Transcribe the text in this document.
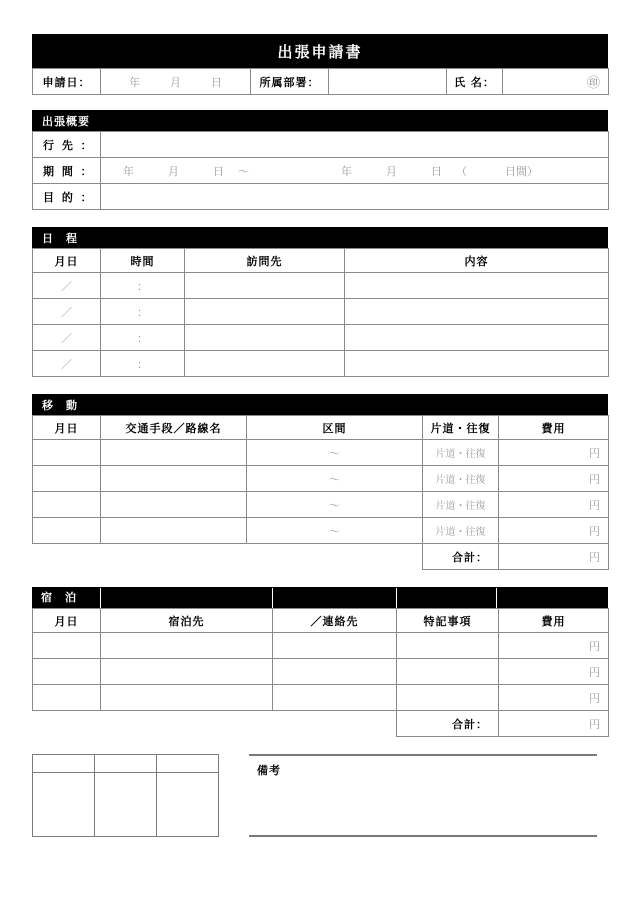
出張申請書
申請日：	年	月	日	所属部署：		氏 名：	㊞
出張概要
行 先 ：	
期 間 ：	年 月 日 〜 年 月 日 （ 日間）
目 的 ：	
日　程
月日	時間	訪問先	内容
／	：		
／	：		
／	：		
／	：		
移　動
月日	交通手段／路線名	区間	片道・往復	費用
		〜	片道・往復	円
		〜	片道・往復	円
		〜	片道・往復	円
		〜	片道・往復	円
			合計：	円
宿　泊
月日	宿泊先	／連絡先	特記事項	費用
				円
				円
				円
			合計：	円

備考
